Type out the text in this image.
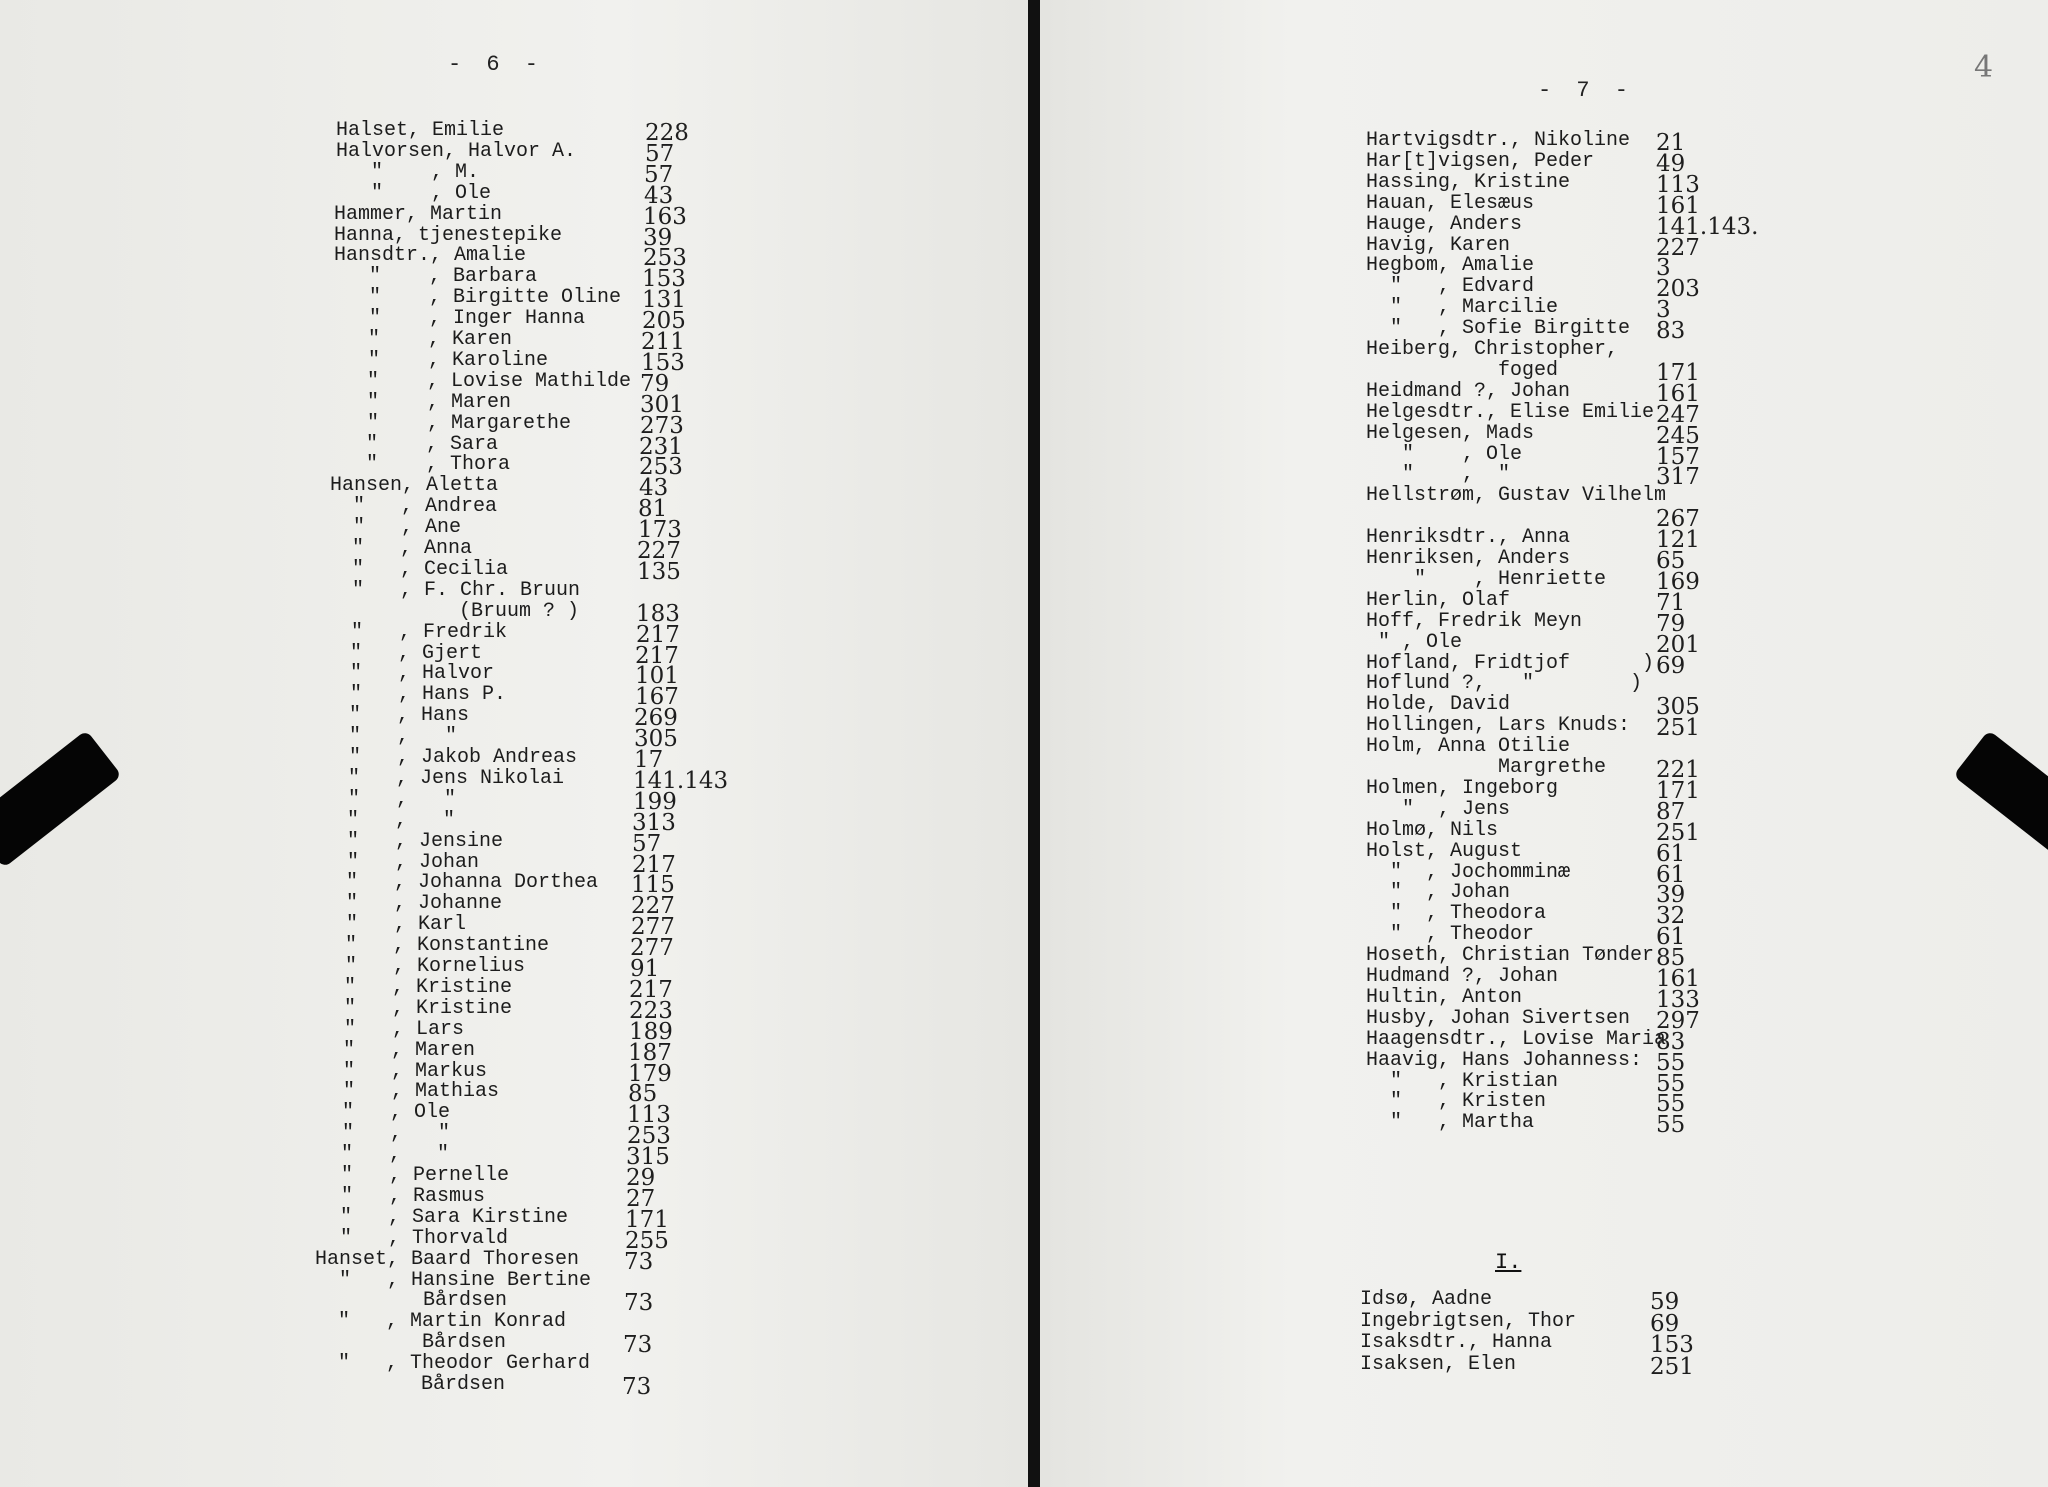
- 6 -
Halset, Emilie	228
Halvorsen, Halvor A.	57
"    , M.	57
"    , Ole	43
Hammer, Martin	163
Hanna, tjenestepike	39
Hansdtr., Amalie	253
"    , Barbara	153
"    , Birgitte Oline 131
"    , Inger Hanna 205
"    , Karen	211
"    , Karoline	153
"    , Lovise Mathilde 79
"    , Maren	301
"    , Margarethe	273
"    , Sara	231
"    , Thora	253
Hansen, Aletta	43
"   , Andrea	81
"   , Ane	173
"   , Anna	227
"   , Cecilia	135
"   , F. Chr. Bruun
(Bruum ? ) 183
"   , Fredrik	217
"   , Gjert	217
"   , Halvor	101
"   , Hans P.	167
"   , Hans	269
"   ,   "	305
"   , Jakob Andreas 17
"   , Jens Nikolai	141.143
"   ,   "	199
"   ,   "	313
"   , Jensine	57
"   , Johan	217
"   , Johanna Dorthea 115
"   , Johanne	227
"   , Karl	277
"   , Konstantine	277
"   , Kornelius	91
"   , Kristine	217
"   , Kristine	223
"   , Lars	189
"   , Maren	187
"   , Markus	179
"   , Mathias	85
"   , Ole	113
"   ,   "	253
"   ,   "	315
"   , Pernelle	29
"   , Rasmus	27
"   , Sara Kirstine 171
"   , Thorvald	255
Hanset, Baard Thoresen 73
"   , Hansine Bertine
Bårdsen	73
"   , Martin Konrad
Bårdsen	73
"   , Theodor Gerhard
Bårdsen	73
- 7 -
4
Hartvigsdtr., Nikoline 21
Har[t]vigsen, Peder	49
Hassing, Kristine	113
Hauan, Elesæus	161
Hauge, Anders	141.143.
Havig, Karen	227
Hegbom, Amalie	3
"   , Edvard	203
"   , Marcilie	3
"   , Sofie Birgitte 83
Heiberg, Christopher,
foged	171
Heidmand ?, Johan	161
Helgesdtr., Elise Emilie 247
Helgesen, Mads	245
"    , Ole	157
"    ,  "	317
Hellstrøm, Gustav Vilhelm
267
Henriksdtr., Anna	121
Henriksen, Anders	65
"    , Henriette 169
Herlin, Olaf	71
Hoff, Fredrik Meyn	79
" , Ole	201
Hofland, Fridtjof      ) 69
Hoflund ?,   "        )
Holde, David	305
Hollingen, Lars Knuds: 251
Holm, Anna Otilie
Margrethe 221
Holmen, Ingeborg	171
"  , Jens	87
Holmø, Nils	251
Holst, August	61
"  , Jochomminæ	61
"  , Johan	39
"  , Theodora	32
"  , Theodor	61
Hoseth, Christian Tønder 85
Hudmand ?, Johan	161
Hultin, Anton	133
Husby, Johan Sivertsen 297
Haagensdtr., Lovise Maria
83
Haavig, Hans Johanness: 55
"   , Kristian	55
"   , Kristen	55
"   , Martha	55
I.
Idsø, Aadne	59
Ingebrigtsen, Thor	69
Isaksdtr., Hanna	153
Isaksen, Elen	251
